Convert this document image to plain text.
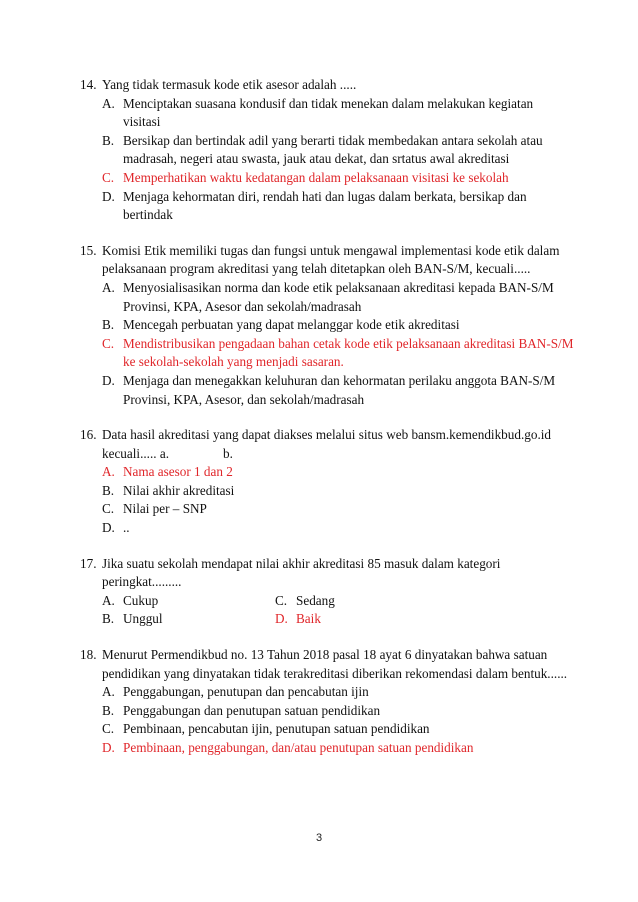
14. Yang tidak termasuk kode etik asesor adalah .....
A. Menciptakan suasana kondusif dan tidak menekan dalam melakukan kegiatan
visitasi
B. Bersikap dan bertindak adil yang berarti tidak membedakan antara sekolah atau
madrasah, negeri atau swasta, jauk atau dekat, dan srtatus awal akreditasi
C. Memperhatikan waktu kedatangan dalam pelaksanaan visitasi ke sekolah
D. Menjaga kehormatan diri, rendah hati dan lugas dalam berkata, bersikap dan
bertindak
15. Komisi Etik memiliki tugas dan fungsi untuk mengawal implementasi kode etik dalam
pelaksanaan program akreditasi yang telah ditetapkan oleh BAN-S/M, kecuali.....
A. Menyosialisasikan norma dan kode etik pelaksanaan akreditasi kepada BAN-S/M
Provinsi, KPA, Asesor dan sekolah/madrasah
B. Mencegah perbuatan yang dapat melanggar kode etik akreditasi
C. Mendistribusikan pengadaan bahan cetak kode etik pelaksanaan akreditasi BAN-S/M
ke sekolah-sekolah yang menjadi sasaran.
D. Menjaga dan menegakkan keluhuran dan kehormatan perilaku anggota BAN-S/M
Provinsi, KPA, Asesor, dan sekolah/madrasah
16. Data hasil akreditasi yang dapat diakses melalui situs web bansm.kemendikbud.go.id
kecuali..... a.	b.
A. Nama asesor 1 dan 2
B. Nilai akhir akreditasi
C. Nilai per – SNP
D. ..
17. Jika suatu sekolah mendapat nilai akhir akreditasi 85 masuk dalam kategori
peringkat.........
A. Cukup	C. Sedang
B. Unggul	D. Baik
18. Menurut Permendikbud no. 13 Tahun 2018 pasal 18 ayat 6 dinyatakan bahwa satuan
pendidikan yang dinyatakan tidak terakreditasi diberikan rekomendasi dalam bentuk......
A. Penggabungan, penutupan dan pencabutan ijin
B. Penggabungan dan penutupan satuan pendidikan
C. Pembinaan, pencabutan ijin, penutupan satuan pendidikan
D. Pembinaan, penggabungan, dan/atau penutupan satuan pendidikan
3
